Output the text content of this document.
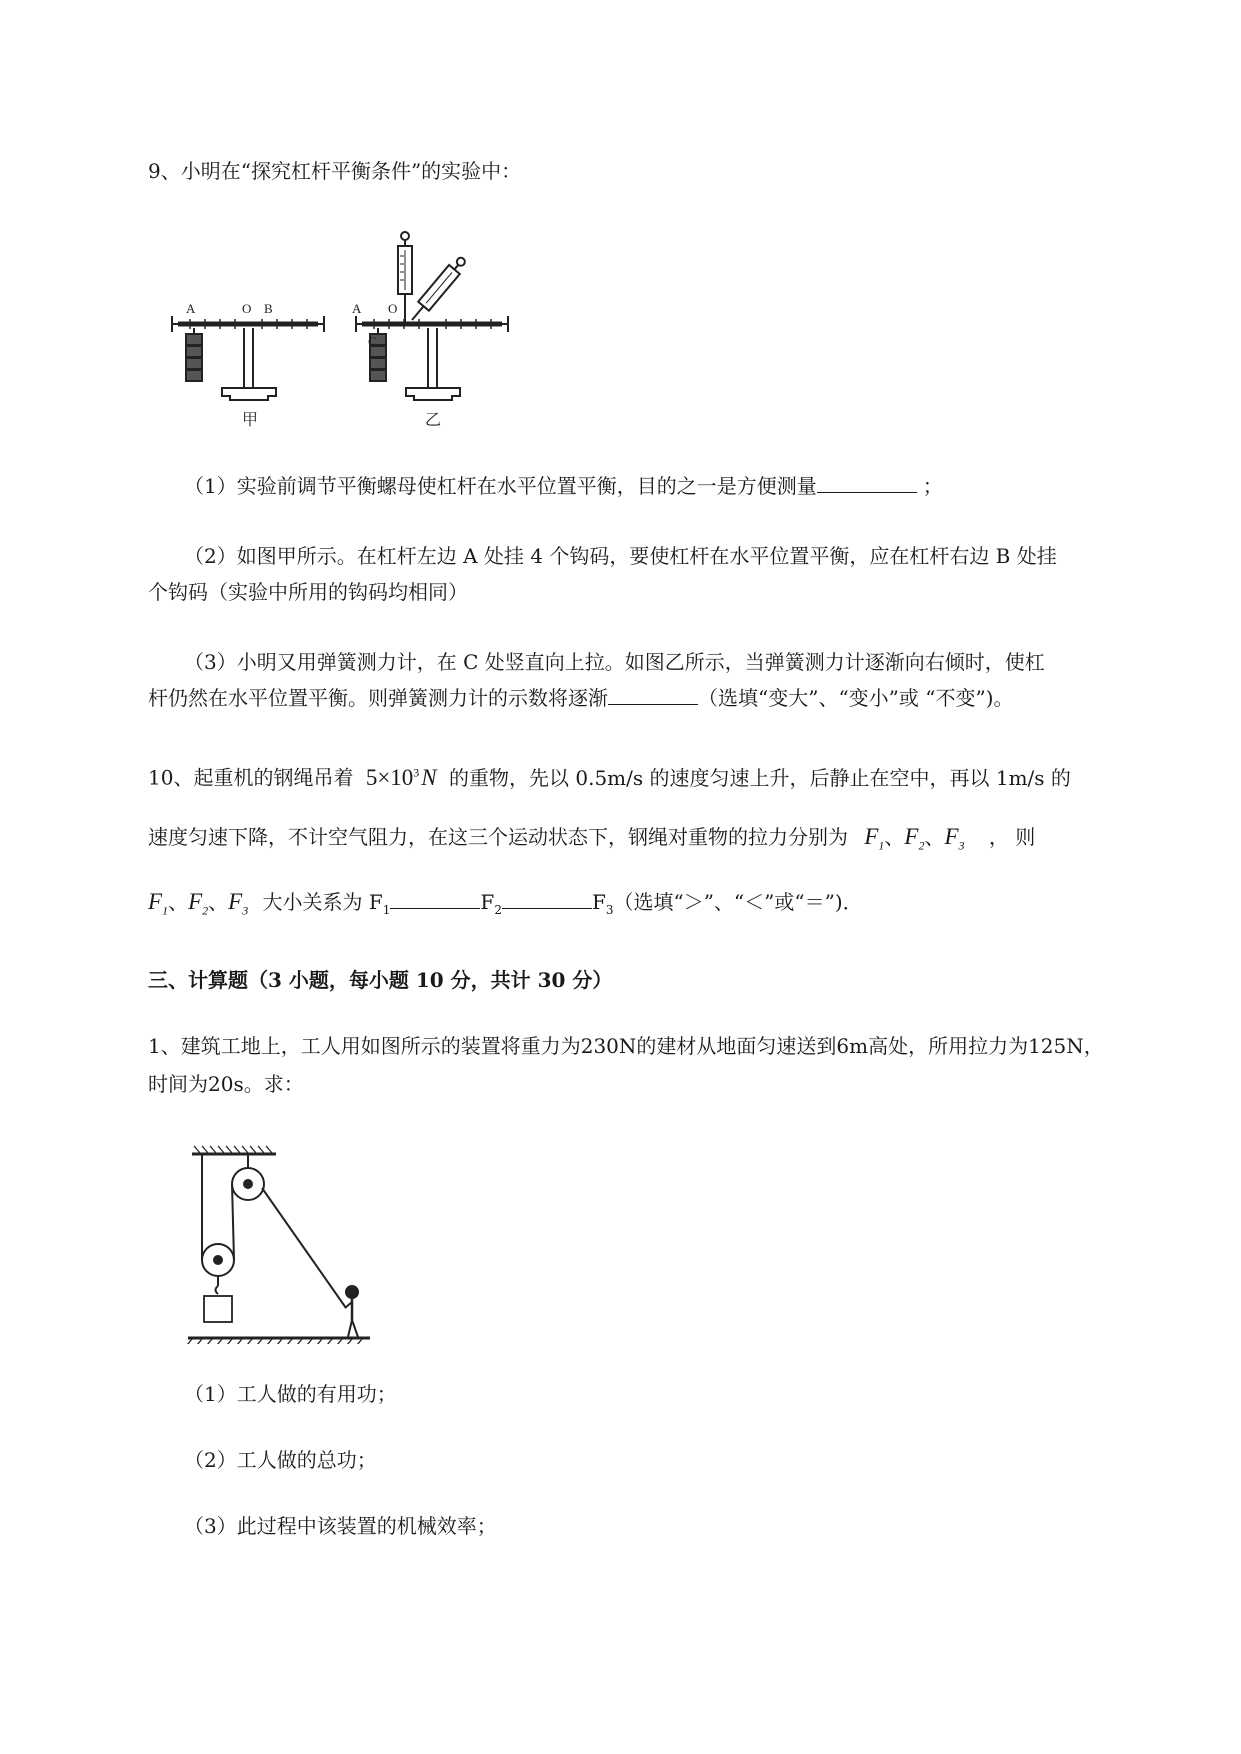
9、小明在“探究杠杆平衡条件”的实验中：
A	O B
甲
A O
C
乙
（1）实验前调节平衡螺母使杠杆在水平位置平衡，目的之一是方便测量	；
（2）如图甲所示。在杠杆左边 A 处挂 4 个钩码，要使杠杆在水平位置平衡，应在杠杆右边 B 处挂
个钩码（实验中所用的钩码均相同）
（3）小明又用弹簧测力计，在 C 处竖直向上拉。如图乙所示，当弹簧测力计逐渐向右倾时，使杠
杆仍然在水平位置平衡。则弹簧测力计的示数将逐渐	（选填“变大”、“变小”或 “不变”)。
10、起重机的钢绳吊着 $5\times 10^3N$ 的重物，先以 0.5m/s 的速度匀速上升，后静止在空中，再以 1m/s 的
速度匀速下降，不计空气阻力，在这三个运动状态下，钢绳对重物的拉力分别为 $F_1$、$F_2$、$F_3$ ， 则
$F_1$、$F_2$、$F_3$ 大小关系为 $F_1$	$F_2$	$F_3$（选填“＞”、“＜”或“＝”)．
三、计算题（3 小题，每小题 10 分，共计 30 分）
1、建筑工地上，工人用如图所示的装置将重力为230N的建材从地面匀速送到6m高处，所用拉力为125N，
时间为20s。求：
（1）工人做的有用功；
（2）工人做的总功；
（3）此过程中该装置的机械效率；
